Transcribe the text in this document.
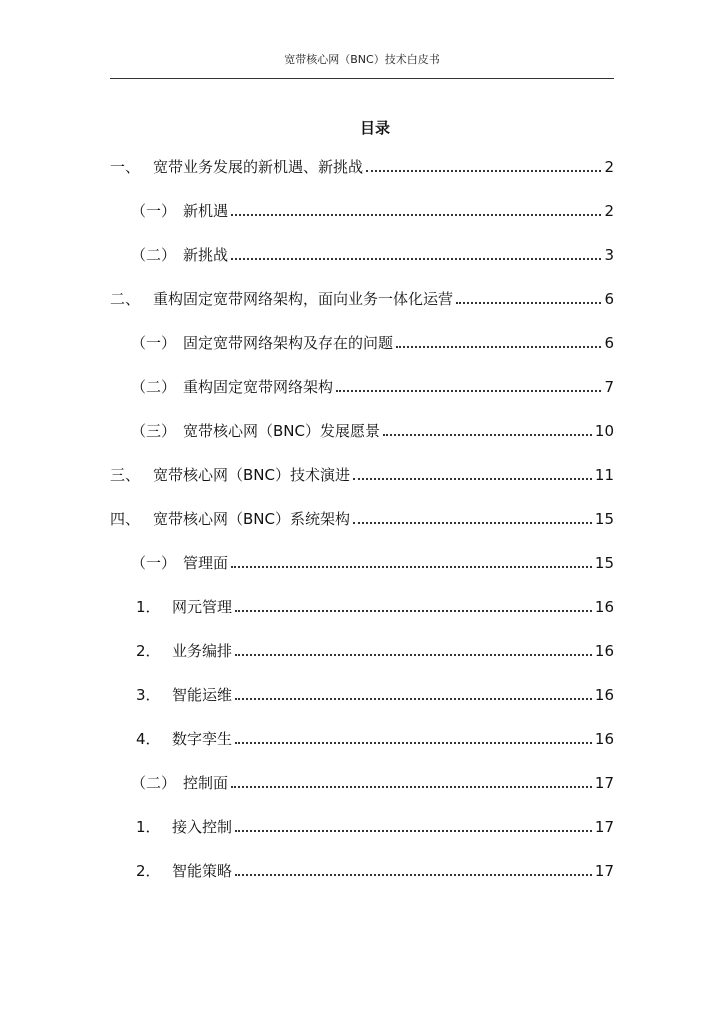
宽带核心网（BNC）技术白皮书
目录
一、 宽带业务发展的新机遇、新挑战	2
（一） 新机遇	2
（二） 新挑战	3
二、 重构固定宽带网络架构，面向业务一体化运营	6
（一） 固定宽带网络架构及存在的问题	6
（二） 重构固定宽带网络架构	7
（三） 宽带核心网（BNC）发展愿景	10
三、 宽带核心网（BNC）技术演进	11
四、 宽带核心网（BNC）系统架构	15
（一） 管理面	15
1． 网元管理	16
2． 业务编排	16
3． 智能运维	16
4． 数字孪生	16
（二） 控制面	17
1． 接入控制	17
2． 智能策略	17
